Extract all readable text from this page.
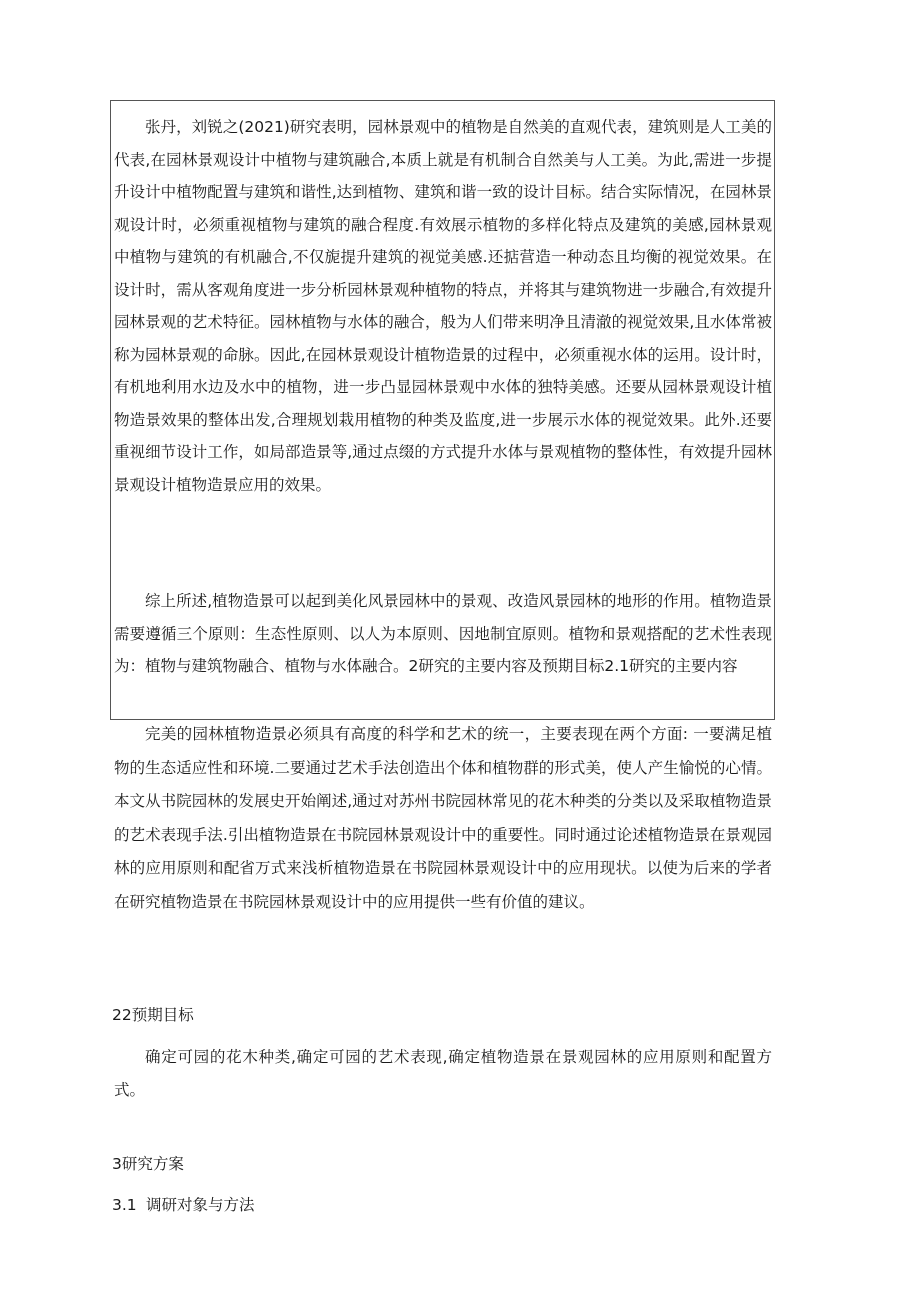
张丹，刘锐之(2021)研究表明，园林景观中的植物是自然美的直观代表，建筑则是人工美的代表,在园林景观设计中植物与建筑融合,本质上就是有机制合自然美与人工美。为此,需进一步提升设计中植物配置与建筑和谐性,达到植物、建筑和谐一致的设计目标。结合实际情况，在园林景观设计时，必须重视植物与建筑的融合程度.有效展示植物的多样化特点及建筑的美感,园林景观中植物与建筑的有机融合,不仅旎提升建筑的视觉美感.还掂营造一种动态且均衡的视觉效果。在设计时，需从客观角度进一步分析园林景观种植物的特点，并将其与建筑物进一步融合,有效提升园林景观的艺术特征。园林植物与水体的融合，般为人们带来明净且清澈的视觉效果,且水体常被称为园林景观的命脉。因此,在园林景观设计植物造景的过程中，必须重视水体的运用。设计时，有机地利用水边及水中的植物，进一步凸显园林景观中水体的独特美感。还要从园林景观设计植物造景效果的整体出发,合理规划栽用植物的种类及监度,进一步展示水体的视觉效果。此外.还要重视细节设计工作，如局部造景等,通过点缀的方式提升水体与景观植物的整体性，有效提升园林景观设计植物造景应用的效果。

综上所述,植物造景可以起到美化风景园林中的景观、改造风景园林的地形的作用。植物造景需要遵循三个原则：生态性原则、以人为本原则、因地制宜原则。植物和景观搭配的艺术性表现为：植物与建筑物融合、植物与水体融合。2研究的主要内容及预期目标2.1研究的主要内容

完美的园林植物造景必须具有高度的科学和艺术的统一，主要表现在两个方面: 一要满足植物的生态适应性和环境.二要通过艺术手法创造出个体和植物群的形式美，使人产生愉悦的心情。本文从书院园林的发展史开始阐述,通过对苏州书院园林常见的花木种类的分类以及采取植物造景的艺术表现手法.引出植物造景在书院园林景观设计中的重要性。同时通过论述植物造景在景观园林的应用原则和配省万式来浅析植物造景在书院园林景观设计中的应用现状。以使为后来的学者在研究植物造景在书院园林景观设计中的应用提供一些有价值的建议。

22预期目标

确定可园的花木种类,确定可园的艺术表现,确定植物造景在景观园林的应用原则和配置方式。

3研究方案

3.1 调研对象与方法
